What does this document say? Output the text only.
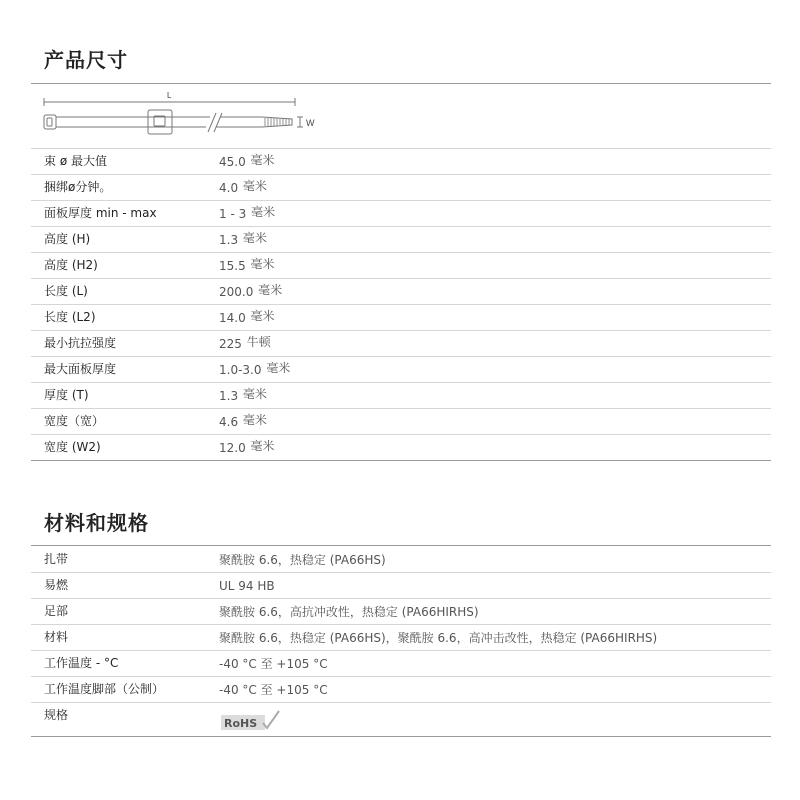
产品尺寸
L
W
束 ø 最大值	45.0 毫米
捆绑ø分钟。	4.0 毫米
面板厚度 min - max	1 - 3 毫米
高度 (H)	1.3 毫米
高度 (H2)	15.5 毫米
长度 (L)	200.0 毫米
长度 (L2)	14.0 毫米
最小抗拉强度	225 牛顿
最大面板厚度	1.0-3.0 毫米
厚度 (T)	1.3 毫米
宽度（宽）	4.6 毫米
宽度 (W2)	12.0 毫米
材料和规格
扎带	聚酰胺 6.6，热稳定 (PA66HS)
易燃	UL 94 HB
足部	聚酰胺 6.6，高抗冲改性，热稳定 (PA66HIRHS)
材料	聚酰胺 6.6，热稳定 (PA66HS)，聚酰胺 6.6，高冲击改性，热稳定 (PA66HIRHS)
工作温度 - °C	-40 °C 至 +105 °C
工作温度脚部（公制）	-40 °C 至 +105 °C
规格
RoHS
